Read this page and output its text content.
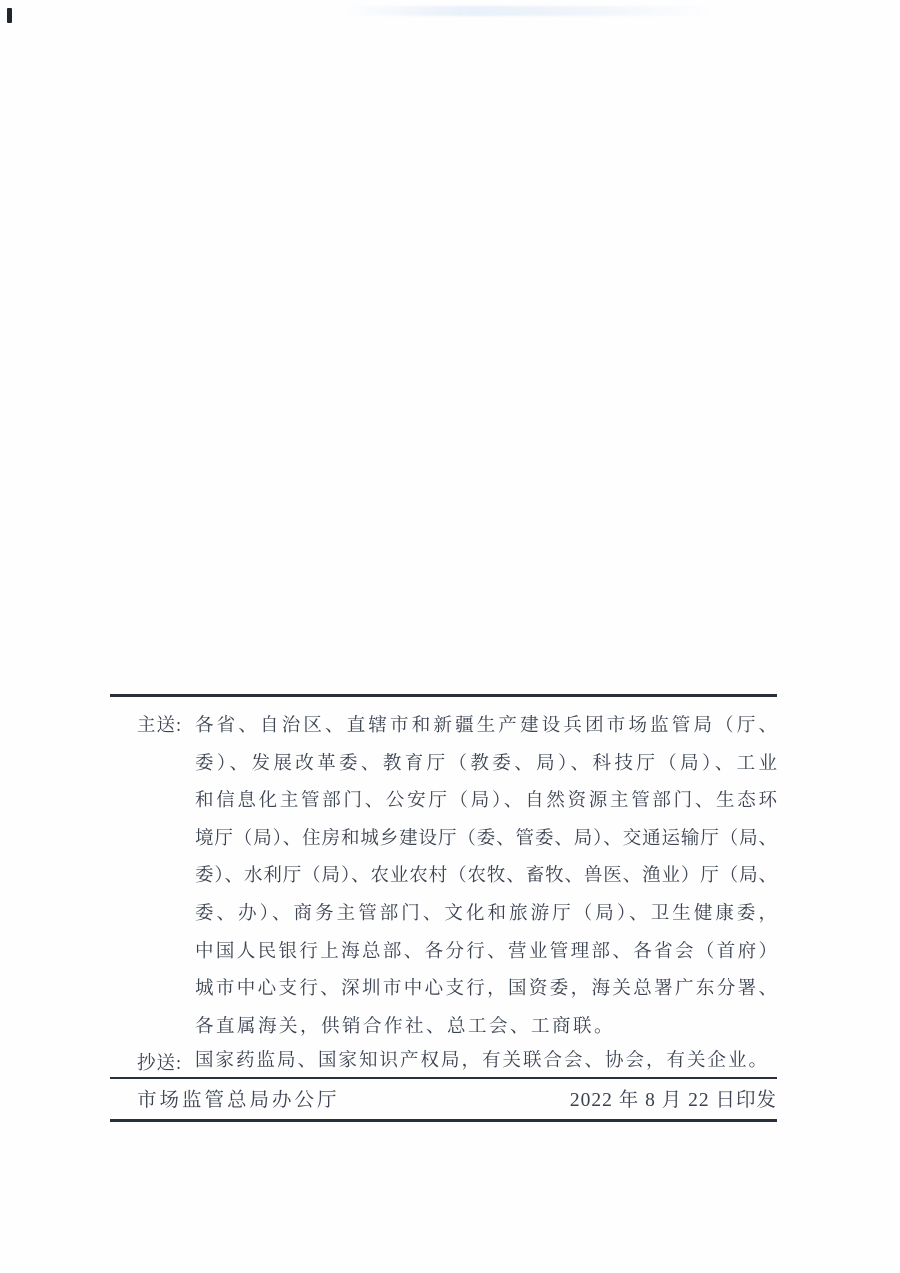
主送: 各省、自治区、直辖市和新疆生产建设兵团市场监管局（厅、
委）、发展改革委、教育厅（教委、局）、科技厅（局）、工业
和信息化主管部门、公安厅（局）、自然资源主管部门、生态环
境厅（局）、住房和城乡建设厅（委、管委、局）、交通运输厅（局、
委）、水利厅（局）、农业农村（农牧、畜牧、兽医、渔业）厅（局、
委、办）、商务主管部门、文化和旅游厅（局）、卫生健康委，
中国人民银行上海总部、各分行、营业管理部、各省会（首府）
城市中心支行、深圳市中心支行，国资委，海关总署广东分署、
各直属海关，供销合作社、总工会、工商联。
抄送: 国家药监局、国家知识产权局，有关联合会、协会，有关企业。
市场监管总局办公厅	2022 年 8 月 22 日印发
